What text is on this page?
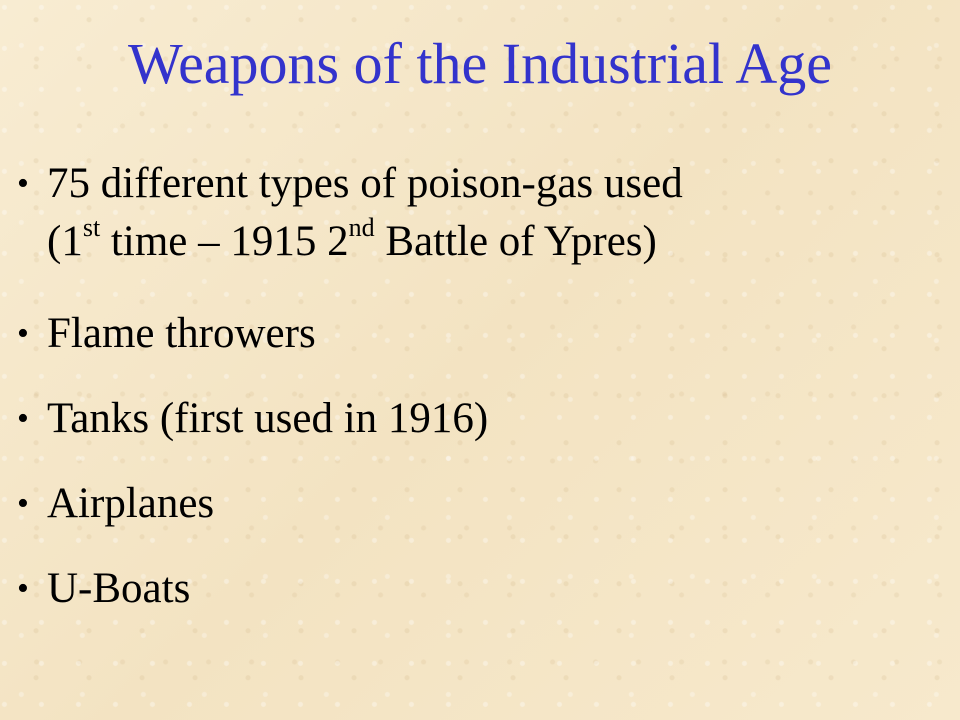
Weapons of the Industrial Age
• 75 different types of poison-gas used
(1st time – 1915 2nd Battle of Ypres)
• Flame throwers
• Tanks (first used in 1916)
• Airplanes
• U-Boats
